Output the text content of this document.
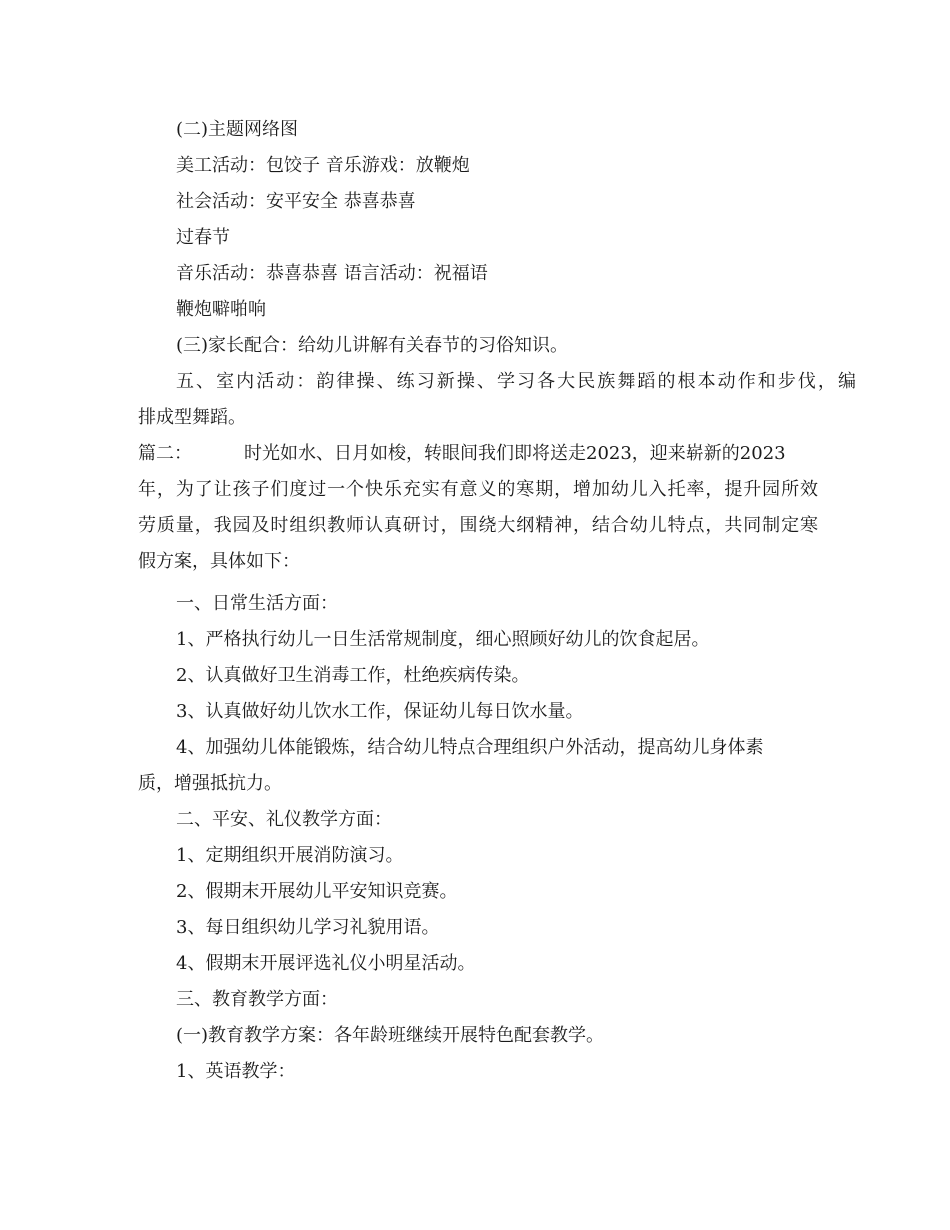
(二)主题网络图
美工活动：包饺子 音乐游戏：放鞭炮
社会活动：安平安全 恭喜恭喜
过春节
音乐活动：恭喜恭喜 语言活动：祝福语
鞭炮噼啪响
(三)家长配合：给幼儿讲解有关春节的习俗知识。
五、室内活动：韵律操、练习新操、学习各大民族舞蹈的根本动作和步伐，编
排成型舞蹈。
篇二：	时光如水、日月如梭，转眼间我们即将送走2023，迎来崭新的2023
年，为了让孩子们度过一个快乐充实有意义的寒期，增加幼儿入托率，提升园所效
劳质量，我园及时组织教师认真研讨，围绕大纲精神，结合幼儿特点，共同制定寒
假方案，具体如下：
一、日常生活方面：
1、严格执行幼儿一日生活常规制度，细心照顾好幼儿的饮食起居。
2、认真做好卫生消毒工作，杜绝疾病传染。
3、认真做好幼儿饮水工作，保证幼儿每日饮水量。
4、加强幼儿体能锻炼，结合幼儿特点合理组织户外活动，提高幼儿身体素
质，增强抵抗力。
二、平安、礼仪教学方面：
1、定期组织开展消防演习。
2、假期末开展幼儿平安知识竞赛。
3、每日组织幼儿学习礼貌用语。
4、假期末开展评选礼仪小明星活动。
三、教育教学方面：
(一)教育教学方案：各年龄班继续开展特色配套教学。
1、英语教学：
